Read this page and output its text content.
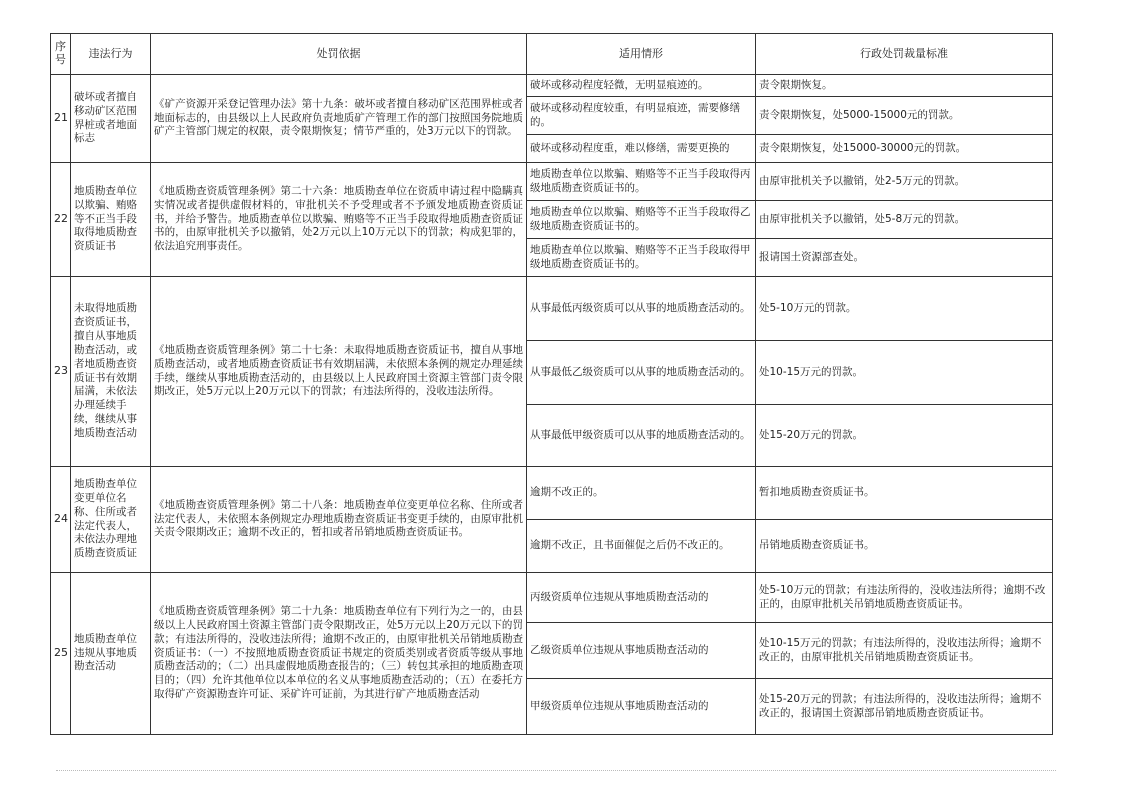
序号	违法行为	处罚依据	适用情形	行政处罚裁量标准
21	破坏或者擅自移动矿区范围界桩或者地面标志	《矿产资源开采登记管理办法》第十九条：破坏或者擅自移动矿区范围界桩或者地面标志的，由县级以上人民政府负责地质矿产管理工作的部门按照国务院地质矿产主管部门规定的权限，责令限期恢复；情节严重的，处3万元以下的罚款。	破坏或移动程度轻微，无明显痕迹的。	责令限期恢复。
			破坏或移动程度较重，有明显痕迹，需要修缮的。	责令限期恢复，处5000-15000元的罚款。
			破坏或移动程度重，难以修缮，需要更换的	责令限期恢复，处15000-30000元的罚款。
22	地质勘查单位以欺骗、贿赂等不正当手段取得地质勘查资质证书	《地质勘查资质管理条例》第二十六条：地质勘查单位在资质申请过程中隐瞒真实情况或者提供虚假材料的，审批机关不予受理或者不予颁发地质勘查资质证书，并给予警告。地质勘查单位以欺骗、贿赂等不正当手段取得地质勘查资质证书的，由原审批机关予以撤销，处2万元以上10万元以下的罚款；构成犯罪的，依法追究刑事责任。	地质勘查单位以欺骗、贿赂等不正当手段取得丙级地质勘查资质证书的。	由原审批机关予以撤销，处2-5万元的罚款。
			地质勘查单位以欺骗、贿赂等不正当手段取得乙级地质勘查资质证书的。	由原审批机关予以撤销，处5-8万元的罚款。
			地质勘查单位以欺骗、贿赂等不正当手段取得甲级地质勘查资质证书的。	报请国土资源部查处。
23	未取得地质勘查资质证书，擅自从事地质勘查活动，或者地质勘查资质证书有效期届满，未依法办理延续手续，继续从事地质勘查活动	《地质勘查资质管理条例》第二十七条：未取得地质勘查资质证书，擅自从事地质勘查活动，或者地质勘查资质证书有效期届满，未依照本条例的规定办理延续手续，继续从事地质勘查活动的，由县级以上人民政府国土资源主管部门责令限期改正，处5万元以上20万元以下的罚款；有违法所得的，没收违法所得。	从事最低丙级资质可以从事的地质勘查活动的。	处5-10万元的罚款。
			从事最低乙级资质可以从事的地质勘查活动的。	处10-15万元的罚款。
			从事最低甲级资质可以从事的地质勘查活动的。	处15-20万元的罚款。
24	地质勘查单位变更单位名称、住所或者法定代表人，未依法办理地质勘查资质证	《地质勘查资质管理条例》第二十八条：地质勘查单位变更单位名称、住所或者法定代表人，未依照本条例规定办理地质勘查资质证书变更手续的，由原审批机关责令限期改正；逾期不改正的，暂扣或者吊销地质勘查资质证书。	逾期不改正的。	暂扣地质勘查资质证书。
			逾期不改正，且书面催促之后仍不改正的。	吊销地质勘查资质证书。
25	地质勘查单位违规从事地质勘查活动	《地质勘查资质管理条例》第二十九条：地质勘查单位有下列行为之一的，由县级以上人民政府国土资源主管部门责令限期改正，处5万元以上20万元以下的罚款；有违法所得的，没收违法所得；逾期不改正的，由原审批机关吊销地质勘查资质证书：（一）不按照地质勘查资质证书规定的资质类别或者资质等级从事地质勘查活动的；（二）出具虚假地质勘查报告的；（三）转包其承担的地质勘查项目的；（四）允许其他单位以本单位的名义从事地质勘查活动的；（五）在委托方取得矿产资源勘查许可证、采矿许可证前，为其进行矿产地质勘查活动	丙级资质单位违规从事地质勘查活动的	处5-10万元的罚款；有违法所得的，没收违法所得；逾期不改正的，由原审批机关吊销地质勘查资质证书。
			乙级资质单位违规从事地质勘查活动的	处10-15万元的罚款；有违法所得的，没收违法所得；逾期不改正的，由原审批机关吊销地质勘查资质证书。
			甲级资质单位违规从事地质勘查活动的	处15-20万元的罚款；有违法所得的，没收违法所得；逾期不改正的，报请国土资源部吊销地质勘查资质证书。
